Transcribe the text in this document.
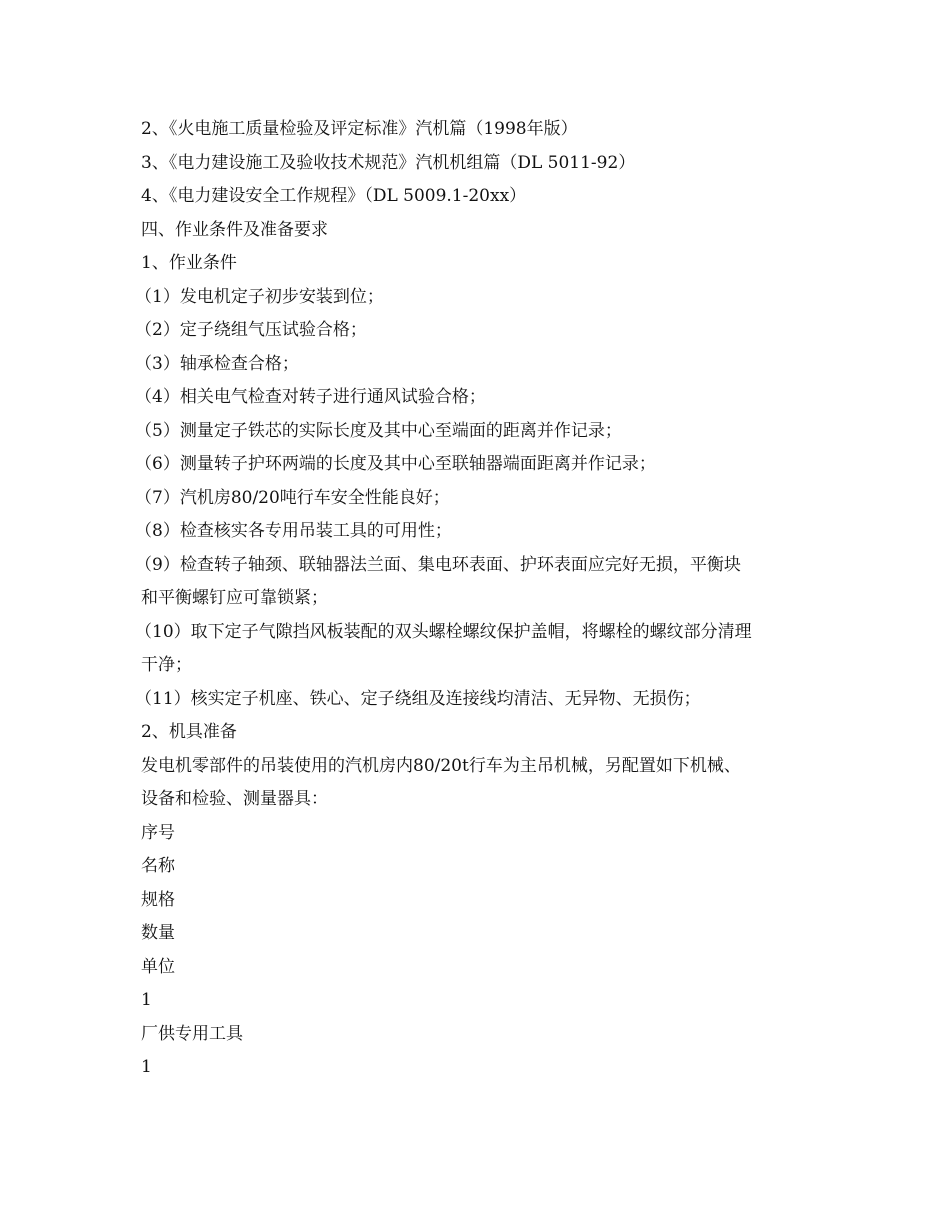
2、《火电施工质量检验及评定标准》汽机篇（1998年版）

3、《电力建设施工及验收技术规范》汽机机组篇（DL 5011-92）

4、《电力建设安全工作规程》（DL 5009.1-20xx）

四、作业条件及准备要求

1、作业条件

（1）发电机定子初步安装到位；

（2）定子绕组气压试验合格；

（3）轴承检查合格；

（4）相关电气检查对转子进行通风试验合格；

（5）测量定子铁芯的实际长度及其中心至端面的距离并作记录；

（6）测量转子护环两端的长度及其中心至联轴器端面距离并作记录；

（7）汽机房80/20吨行车安全性能良好；

（8）检查核实各专用吊装工具的可用性；

（9）检查转子轴颈、联轴器法兰面、集电环表面、护环表面应完好无损，平衡块

和平衡螺钉应可靠锁紧；

（10）取下定子气隙挡风板装配的双头螺栓螺纹保护盖帽，将螺栓的螺纹部分清理

干净；

（11）核实定子机座、铁心、定子绕组及连接线均清洁、无异物、无损伤；

2、机具准备

发电机零部件的吊装使用的汽机房内80/20t行车为主吊机械，另配置如下机械、

设备和检验、测量器具：

序号

名称

规格

数量

单位

1

厂供专用工具

1
